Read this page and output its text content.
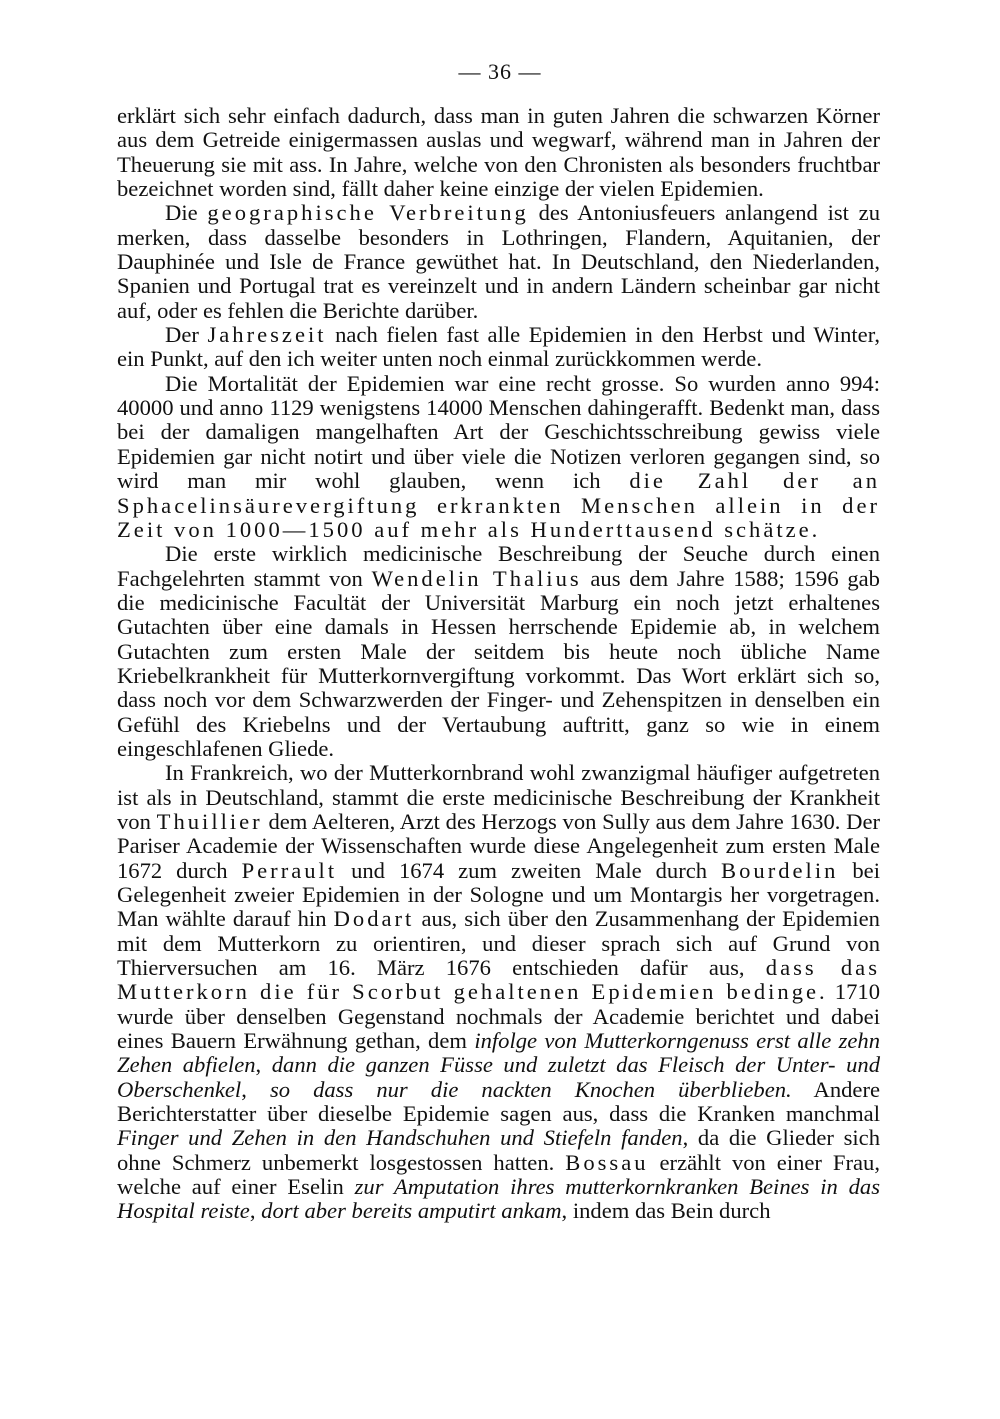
— 36 —

erklärt sich sehr einfach dadurch, dass man in guten Jahren die schwarzen Körner aus dem Getreide einigermassen auslas und wegwarf, während man in Jahren der Theuerung sie mit ass. In Jahre, welche von den Chronisten als besonders fruchtbar bezeichnet worden sind, fällt daher keine einzige der vielen Epidemien.

Die geographische Verbreitung des Antoniusfeuers anlangend ist zu merken, dass dasselbe besonders in Lothringen, Flandern, Aquitanien, der Dauphinée und Isle de France gewüthet hat. In Deutschland, den Niederlanden, Spanien und Portugal trat es vereinzelt und in andern Ländern scheinbar gar nicht auf, oder es fehlen die Berichte darüber.

Der Jahreszeit nach fielen fast alle Epidemien in den Herbst und Winter, ein Punkt, auf den ich weiter unten noch einmal zurückkommen werde.

Die Mortalität der Epidemien war eine recht grosse. So wurden anno 994: 40000 und anno 1129 wenigstens 14000 Menschen dahingerafft. Bedenkt man, dass bei der damaligen mangelhaften Art der Geschichtsschreibung gewiss viele Epidemien gar nicht notirt und über viele die Notizen verloren gegangen sind, so wird man mir wohl glauben, wenn ich die Zahl der an Sphacelinsäurevergiftung erkrankten Menschen allein in der Zeit von 1000—1500 auf mehr als Hunderttausend schätze.

Die erste wirklich medicinische Beschreibung der Seuche durch einen Fachgelehrten stammt von Wendelin Thalius aus dem Jahre 1588; 1596 gab die medicinische Facultät der Universität Marburg ein noch jetzt erhaltenes Gutachten über eine damals in Hessen herrschende Epidemie ab, in welchem Gutachten zum ersten Male der seitdem bis heute noch übliche Name Kriebelkrankheit für Mutterkornvergiftung vorkommt. Das Wort erklärt sich so, dass noch vor dem Schwarzwerden der Finger- und Zehenspitzen in denselben ein Gefühl des Kriebelns und der Vertaubung auftritt, ganz so wie in einem eingeschlafenen Gliede.

In Frankreich, wo der Mutterkornbrand wohl zwanzigmal häufiger aufgetreten ist als in Deutschland, stammt die erste medicinische Beschreibung der Krankheit von Thuillier dem Aelteren, Arzt des Herzogs von Sully aus dem Jahre 1630. Der Pariser Academie der Wissenschaften wurde diese Angelegenheit zum ersten Male 1672 durch Perrault und 1674 zum zweiten Male durch Bourdelin bei Gelegenheit zweier Epidemien in der Sologne und um Montargis her vorgetragen. Man wählte darauf hin Dodart aus, sich über den Zusammenhang der Epidemien mit dem Mutterkorn zu orientiren, und dieser sprach sich auf Grund von Thierversuchen am 16. März 1676 entschieden dafür aus, dass das Mutterkorn die für Scorbut gehaltenen Epidemien bedinge. 1710 wurde über denselben Gegenstand nochmals der Academie berichtet und dabei eines Bauern Erwähnung gethan, dem infolge von Mutterkorngenuss erst alle zehn Zehen abfielen, dann die ganzen Füsse und zuletzt das Fleisch der Unter- und Oberschenkel, so dass nur die nackten Knochen überblieben. Andere Berichterstatter über dieselbe Epidemie sagen aus, dass die Kranken manchmal Finger und Zehen in den Handschuhen und Stiefeln fanden, da die Glieder sich ohne Schmerz unbemerkt losgestossen hatten. Bossau erzählt von einer Frau, welche auf einer Eselin zur Amputation ihres mutterkornkranken Beines in das Hospital reiste, dort aber bereits amputirt ankam, indem das Bein durch
